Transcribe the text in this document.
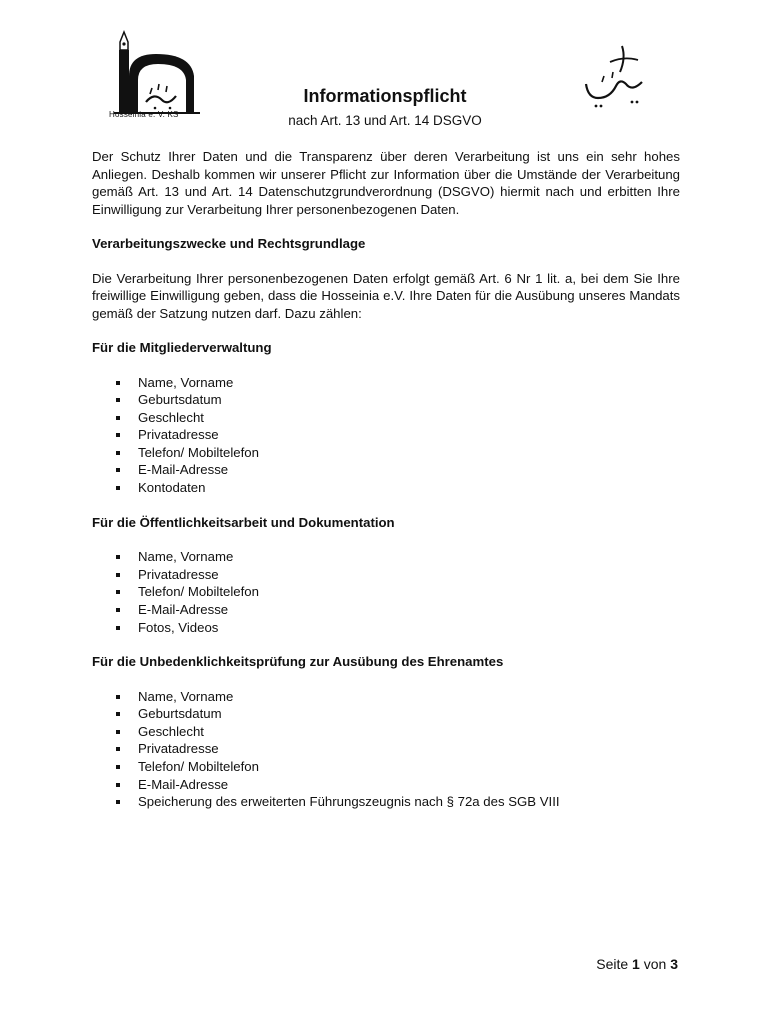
Hosseinia e. V. KS
Informationspflicht
nach Art. 13 und Art. 14 DSGVO

Der Schutz Ihrer Daten und die Transparenz über deren Verarbeitung ist uns ein sehr hohes Anliegen. Deshalb kommen wir unserer Pflicht zur Information über die Umstände der Verarbeitung gemäß Art. 13 und Art. 14 Datenschutzgrundverordnung (DSGVO) hiermit nach und erbitten Ihre Einwilligung zur Verarbeitung Ihrer personenbezogenen Daten.

Verarbeitungszwecke und Rechtsgrundlage

Die Verarbeitung Ihrer personenbezogenen Daten erfolgt gemäß Art. 6 Nr 1 lit. a, bei dem Sie Ihre freiwillige Einwilligung geben, dass die Hosseinia e.V. Ihre Daten für die Ausübung unseres Mandats gemäß der Satzung nutzen darf. Dazu zählen:

Für die Mitgliederverwaltung

Name, Vorname
Geburtsdatum
Geschlecht
Privatadresse
Telefon/ Mobiltelefon
E-Mail-Adresse
Kontodaten

Für die Öffentlichkeitsarbeit und Dokumentation

Name, Vorname
Privatadresse
Telefon/ Mobiltelefon
E-Mail-Adresse
Fotos, Videos

Für die Unbedenklichkeitsprüfung zur Ausübung des Ehrenamtes

Name, Vorname
Geburtsdatum
Geschlecht
Privatadresse
Telefon/ Mobiltelefon
E-Mail-Adresse
Speicherung des erweiterten Führungszeugnis nach § 72a des SGB VIII
Seite 1 von 3
